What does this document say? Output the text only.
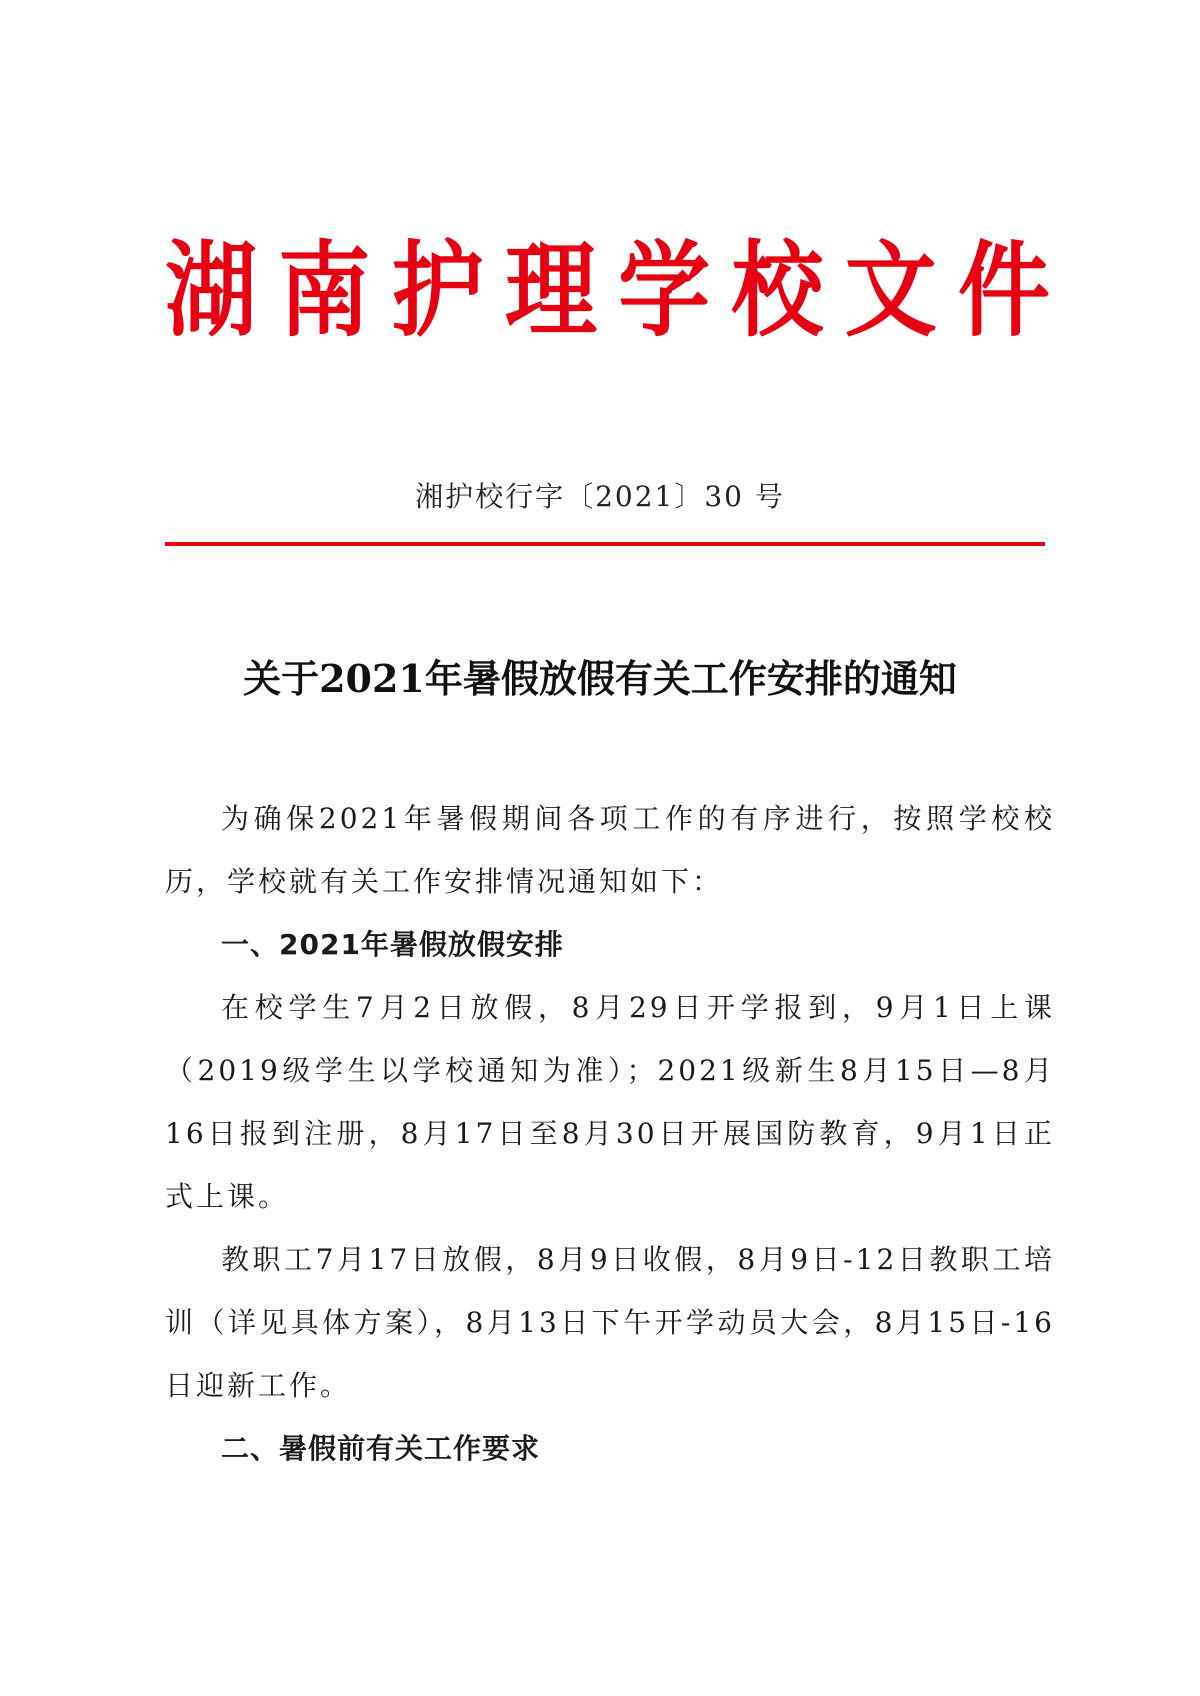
湖 南 护 理 学 校 文 件
湘护校行字〔2021〕30 号
关于2021年暑假放假有关工作安排的通知

为确保2021年暑假期间各项工作的有序进行，按照学校校历，学校就有关工作安排情况通知如下：

一、2021年暑假放假安排

在校学生7月2日放假，8月29日开学报到，9月1日上课（2019级学生以学校通知为准）；2021级新生8月15日—8月16日报到注册，8月17日至8月30日开展国防教育，9月1日正式上课。

教职工7月17日放假，8月9日收假，8月9日-12日教职工培训（详见具体方案），8月13日下午开学动员大会，8月15日-16日迎新工作。

二、暑假前有关工作要求
